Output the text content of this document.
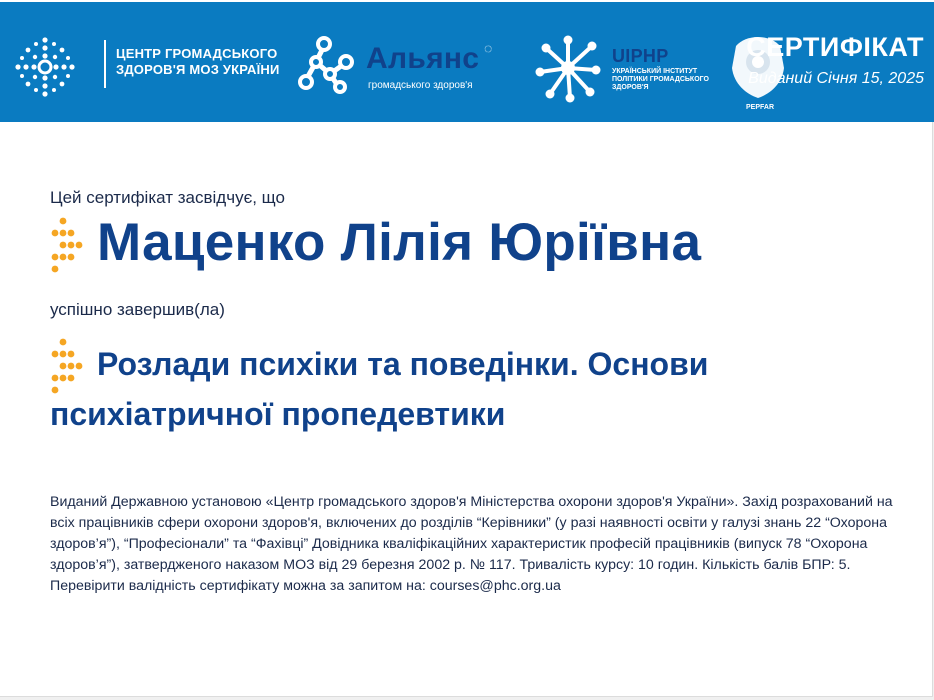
ЦЕНТР ГРОМАДСЬКОГО
ЗДОРОВ'Я МОЗ УКРАЇНИ	Альянс ◌
громадського здоров'я
UIPHP
УКРАЇНСЬКИЙ ІНСТИТУТ
ПОЛІТИКИ ГРОМАДСЬКОГО
ЗДОРОВ'Я
PEPFAR
СЕРТИФІКАТ
Виданий Січня 15, 2025
Цей сертифікат засвідчує, що
Маценко Лілія Юріївна
успішно завершив(ла)
Розлади психіки та поведінки. Основи психіатричної пропедевтики
Виданий Державною установою «Центр громадського здоров'я Міністерства охорони здоров'я України». Захід розрахований на всіх працівників сфери охорони здоров'я, включених до розділів “Керівники” (у разі наявності освіти у галузі знань 22 “Охорона здоров’я”), “Професіонали” та “Фахівці” Довідника кваліфікаційних характеристик професій працівників (випуск 78 “Охорона здоров’я”), затвердженого наказом МОЗ від 29 березня 2002 р. № 117. Тривалість курсу: 10 годин. Кількість балів БПР: 5. Перевірити валідність сертифікату можна за запитом на: courses@phc.org.ua
